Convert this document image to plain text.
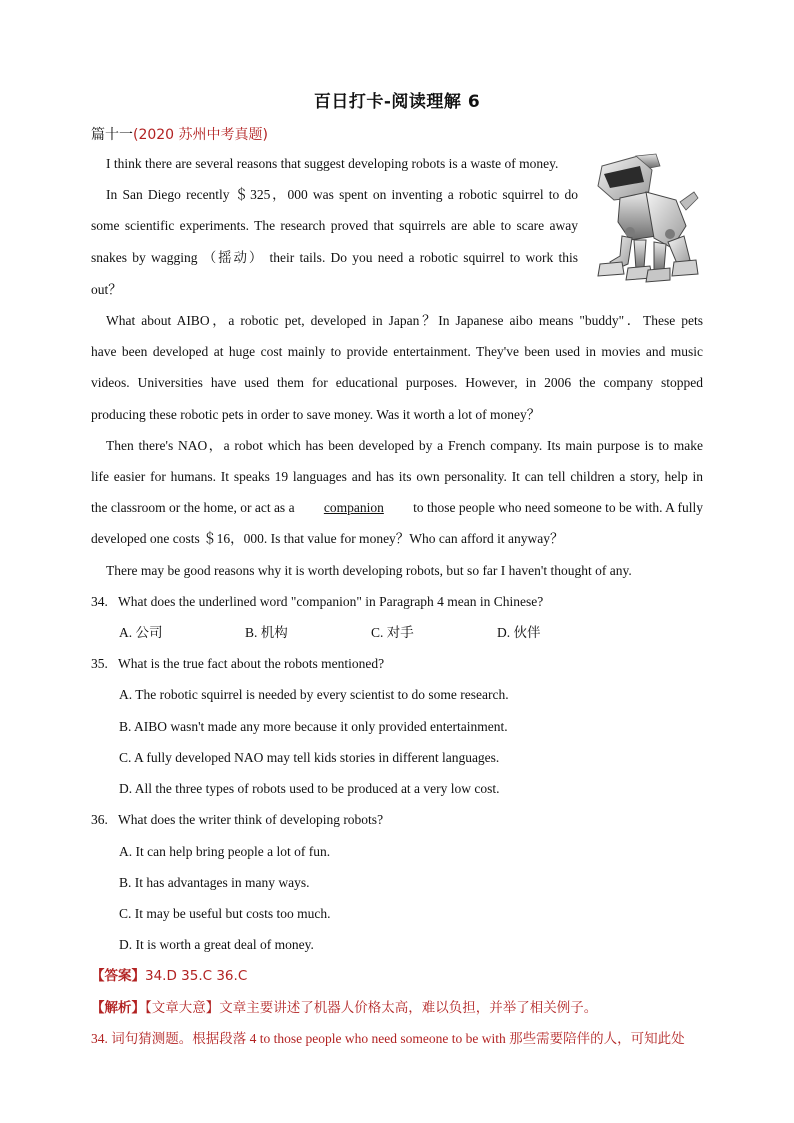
百日打卡-阅读理解 6
篇十一(2020 苏州中考真题)
I think there are several reasons that suggest developing robots is a waste of money.
In San Diego recently ＄325，000 was spent on inventing a robotic squirrel to do
some scientific experiments. The research proved that squirrels are able to scare away
snakes by wagging （摇动） their tails. Do you need a robotic squirrel to work this
out？
What about AIBO，a robotic pet, developed in Japan？In Japanese aibo means "buddy"．These pets
have been developed at huge cost mainly to provide entertainment. They've been used in movies and music
videos. Universities have used them for educational purposes. However, in 2006 the company stopped
producing these robotic pets in order to save money. Was it worth a lot of money？
Then there's NAO，a robot which has been developed by a French company. Its main purpose is to make
life easier for humans. It speaks 19 languages and has its own personality. It can tell children a story, help in
the classroom or the home, or act as a companion to those people who need someone to be with. A fully
developed one costs ＄16，000. Is that value for money？Who can afford it anyway？
There may be good reasons why it is worth developing robots, but so far I haven't thought of any.
34.   What does the underlined word "companion" in Paragraph 4 mean in Chinese?
A. 公司	B. 机构	C. 对手	D. 伙伴
35.   What is the true fact about the robots mentioned?
A. The robotic squirrel is needed by every scientist to do some research.
B. AIBO wasn't made any more because it only provided entertainment.
C. A fully developed NAO may tell kids stories in different languages.
D. All the three types of robots used to be produced at a very low cost.
36.   What does the writer think of developing robots?
A. It can help bring people a lot of fun.
B. It has advantages in many ways.
C. It may be useful but costs too much.
D. It is worth a great deal of money.
【答案】34.D 35.C 36.C
【解析】【文章大意】文章主要讲述了机器人价格太高，难以负担，并举了相关例子。
34. 词句猜测题。根据段落 4 to those people who need someone to be with 那些需要陪伴的人，可知此处
